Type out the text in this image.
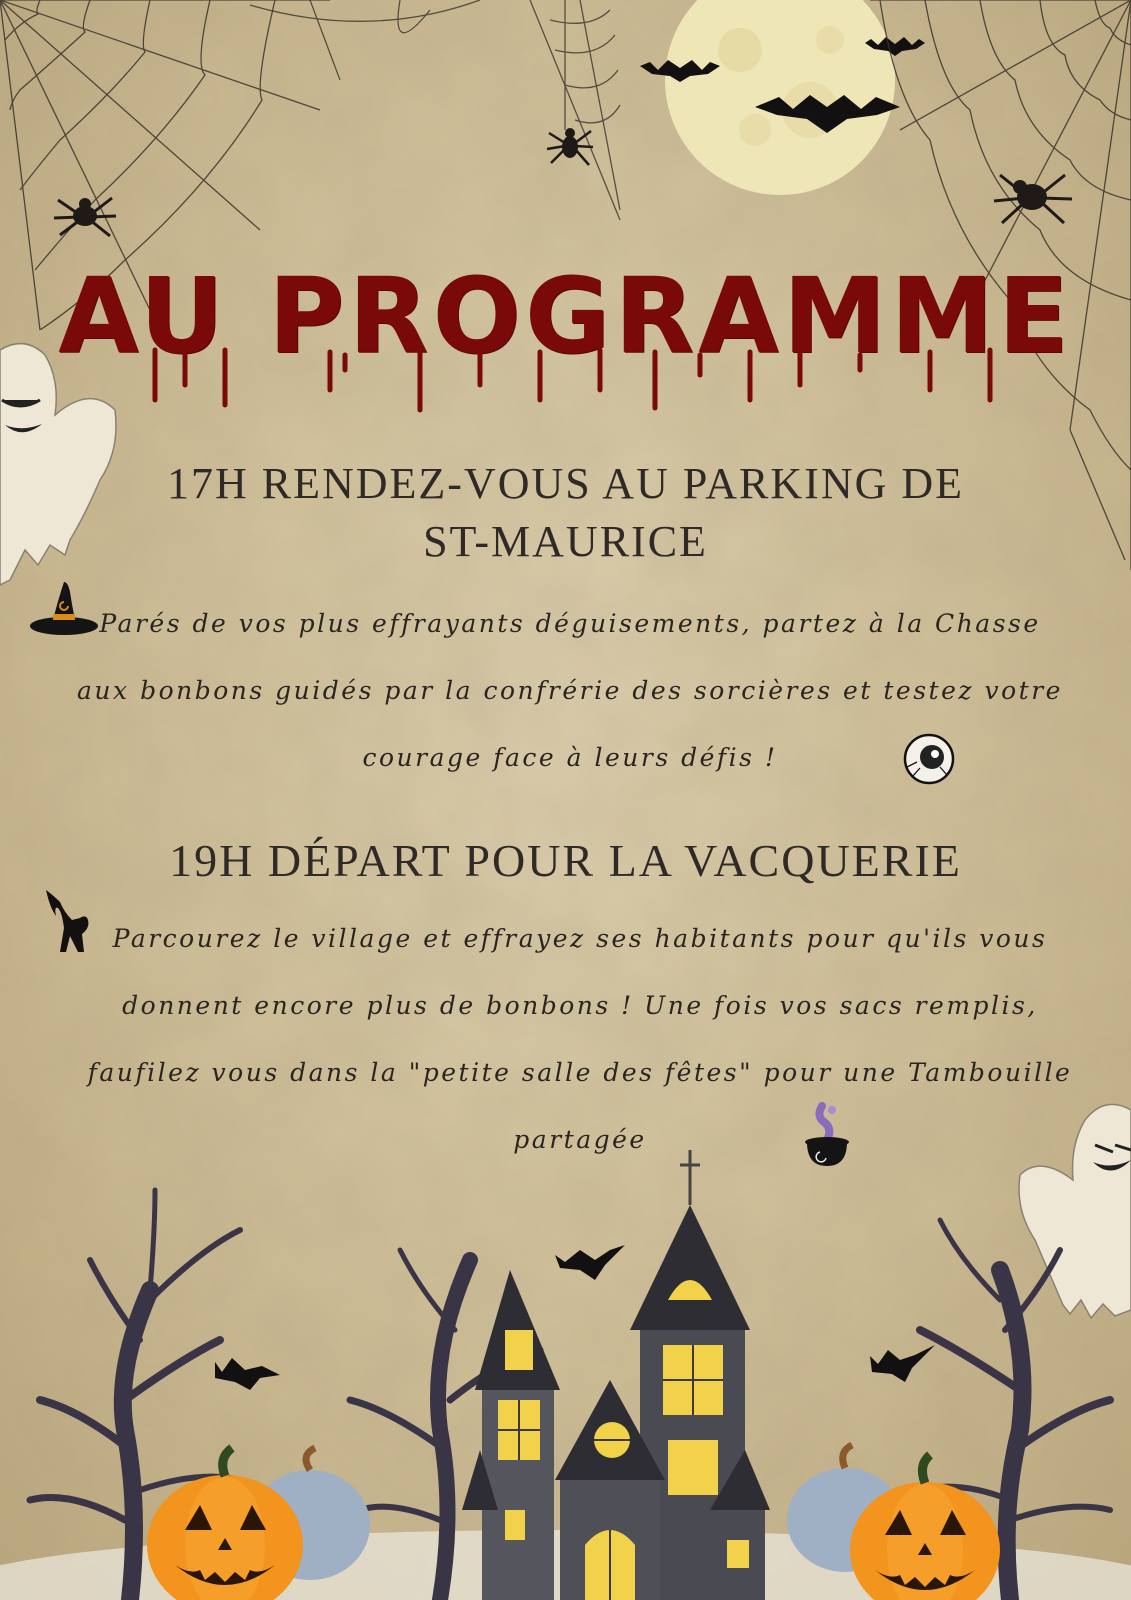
AU PROGRAMME
17H RENDEZ-VOUS AU PARKING DE
ST-MAURICE
Parés de vos plus effrayants déguisements, partez à la Chasse aux bonbons guidés par la confrérie des sorcières et testez votre courage face à leurs défis !
19H DÉPART POUR LA VACQUERIE
Parcourez le village et effrayez ses habitants pour qu'ils vous donnent encore plus de bonbons ! Une fois vos sacs remplis, faufilez vous dans la "petite salle des fêtes" pour une Tambouille partagée
